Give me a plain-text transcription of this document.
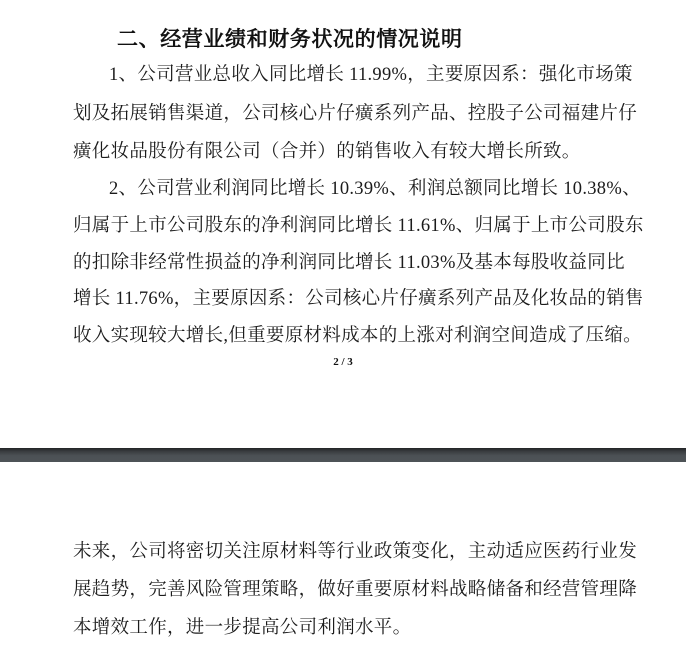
二、经营业绩和财务状况的情况说明
1、公司营业总收入同比增长 11.99%，主要原因系：强化市场策
划及拓展销售渠道，公司核心片仔癀系列产品、控股子公司福建片仔
癀化妆品股份有限公司（合并）的销售收入有较大增长所致。
2、公司营业利润同比增长 10.39%、利润总额同比增长 10.38%、
归属于上市公司股东的净利润同比增长 11.61%、归属于上市公司股东
的扣除非经常性损益的净利润同比增长 11.03%及基本每股收益同比
增长 11.76%，主要原因系：公司核心片仔癀系列产品及化妆品的销售
收入实现较大增长,但重要原材料成本的上涨对利润空间造成了压缩。
2 / 3
未来，公司将密切关注原材料等行业政策变化，主动适应医药行业发
展趋势，完善风险管理策略，做好重要原材料战略储备和经营管理降
本增效工作，进一步提高公司利润水平。
